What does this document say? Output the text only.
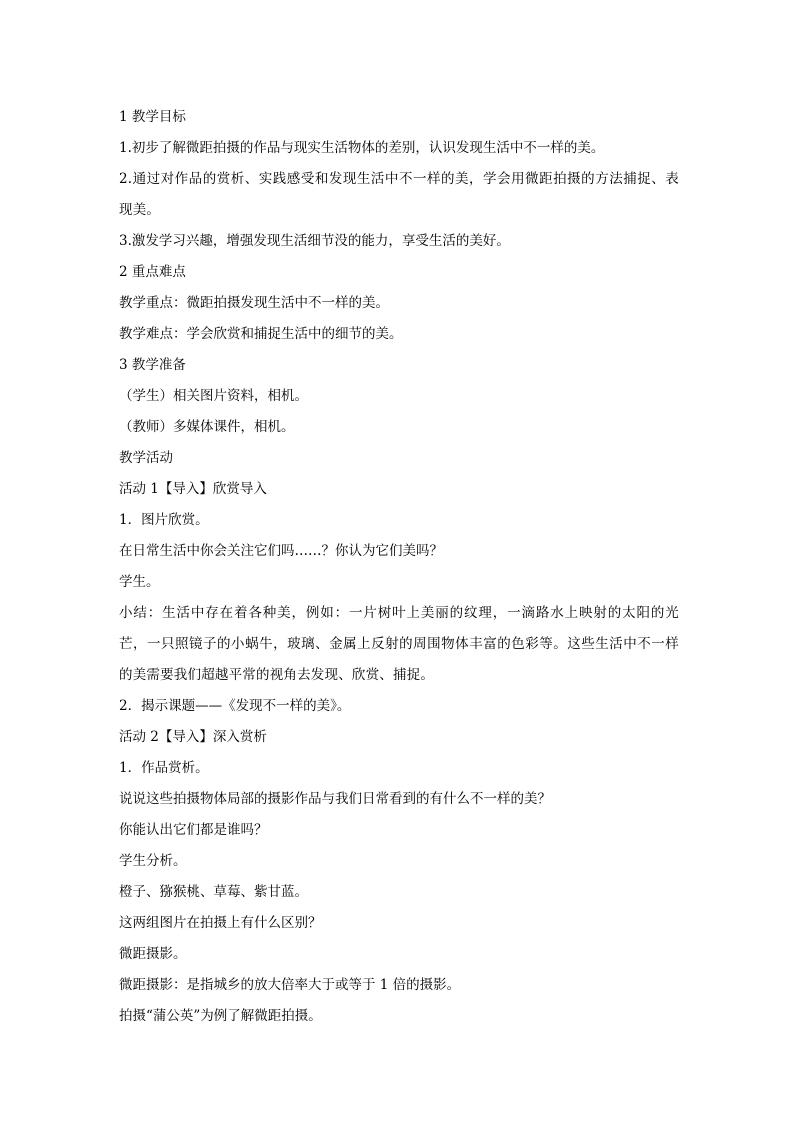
1 教学目标

1.初步了解微距拍摄的作品与现实生活物体的差别，认识发现生活中不一样的美。

2.通过对作品的赏析、实践感受和发现生活中不一样的美，学会用微距拍摄的方法捕捉、表现美。

3.激发学习兴趣，增强发现生活细节没的能力，享受生活的美好。

2 重点难点

教学重点：微距拍摄发现生活中不一样的美。

教学难点：学会欣赏和捕捉生活中的细节的美。

3 教学准备

（学生）相关图片资料，相机。

（教师）多媒体课件，相机。

教学活动

活动 1【导入】欣赏导入

1．图片欣赏。

在日常生活中你会关注它们吗……？你认为它们美吗？

学生。

小结：生活中存在着各种美，例如：一片树叶上美丽的纹理，一滴路水上映射的太阳的光芒，一只照镜子的小蜗牛，玻璃、金属上反射的周围物体丰富的色彩等。这些生活中不一样的美需要我们超越平常的视角去发现、欣赏、捕捉。

2．揭示课题——《发现不一样的美》。

活动 2【导入】深入赏析

1．作品赏析。

说说这些拍摄物体局部的摄影作品与我们日常看到的有什么不一样的美？

你能认出它们都是谁吗？

学生分析。

橙子、猕猴桃、草莓、紫甘蓝。

这两组图片在拍摄上有什么区别？

微距摄影。

微距摄影：是指城乡的放大倍率大于或等于 1 倍的摄影。

拍摄“蒲公英”为例了解微距拍摄。
